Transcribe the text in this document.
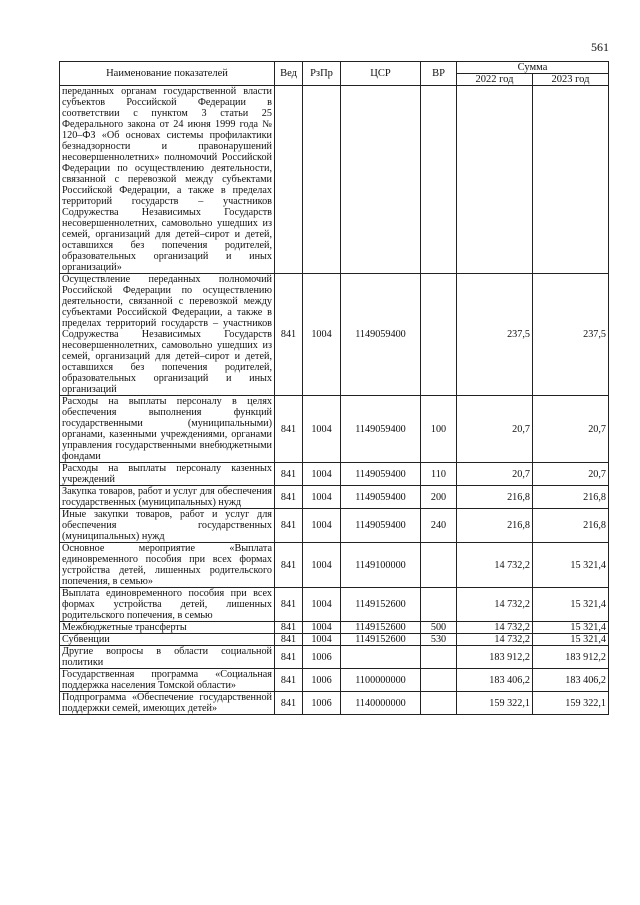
561
Наименование показателей	Вед	РзПр	ЦСР	ВР	Сумма	
					2022 год	2023 год
переданных органам государственной власти субъектов Российской Федерации в соответствии с пунктом 3 статьи 25 Федерального закона от 24 июня 1999 года № 120–ФЗ «Об основах системы профилактики безнадзорности и правонарушений несовершеннолетних» полномочий Российской Федерации по осуществлению деятельности, связанной с перевозкой между субъектами Российской Федерации, а также в пределах территорий государств – участников Содружества Независимых Государств несовершеннолетних, самовольно ушедших из семей, организаций для детей–сирот и детей, оставшихся без попечения родителей, образовательных организаций и иных организаций»						
Осуществление переданных полномочий Российской Федерации по осуществлению деятельности, связанной с перевозкой между субъектами Российской Федерации, а также в пределах территорий государств – участников Содружества Независимых Государств несовершеннолетних, самовольно ушедших из семей, организаций для детей–сирот и детей, оставшихся без попечения родителей, образовательных организаций и иных организаций	841	1004	1149059400		237,5	237,5
Расходы на выплаты персоналу в целях обеспечения выполнения функций государственными (муниципальными) органами, казенными учреждениями, органами управления государственными внебюджетными фондами	841	1004	1149059400	100	20,7	20,7
Расходы на выплаты персоналу казенных учреждений	841	1004	1149059400	110	20,7	20,7
Закупка товаров, работ и услуг для обеспечения государственных (муниципальных) нужд	841	1004	1149059400	200	216,8	216,8
Иные закупки товаров, работ и услуг для обеспечения государственных (муниципальных) нужд	841	1004	1149059400	240	216,8	216,8
Основное мероприятие «Выплата единовременного пособия при всех формах устройства детей, лишенных родительского попечения, в семью»	841	1004	1149100000		14 732,2	15 321,4
Выплата единовременного пособия при всех формах устройства детей, лишенных родительского попечения, в семью	841	1004	1149152600		14 732,2	15 321,4
Межбюджетные трансферты	841	1004	1149152600	500	14 732,2	15 321,4
Субвенции	841	1004	1149152600	530	14 732,2	15 321,4
Другие вопросы в области социальной политики	841	1006			183 912,2	183 912,2
Государственная программа «Социальная поддержка населения Томской области»	841	1006	1100000000		183 406,2	183 406,2
Подпрограмма «Обеспечение государственной поддержки семей, имеющих детей»	841	1006	1140000000		159 322,1	159 322,1
